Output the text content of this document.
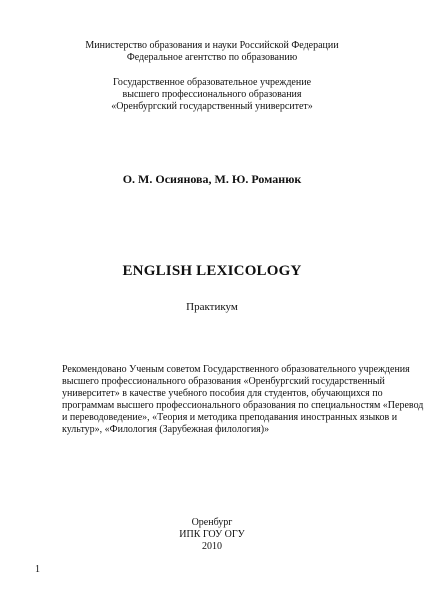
Министерство образования и науки Российской Федерации
Федеральное агентство по образованию
Государственное образовательное учреждение
высшего профессионального образования
«Оренбургский государственный университет»
О. М. Осиянова, М. Ю. Романюк
ENGLISH LEXICOLOGY
Практикум
Рекомендовано Ученым советом Государственного образовательного учреждения
высшего профессионального образования «Оренбургский государственный
университет» в качестве учебного пособия для студентов, обучающихся по
программам высшего профессионального образования по специальностям «Перевод
и переводоведение», «Теория и методика преподавания иностранных языков и
культур», «Филология (Зарубежная филология)»
Оренбург
ИПК ГОУ ОГУ
2010
1
